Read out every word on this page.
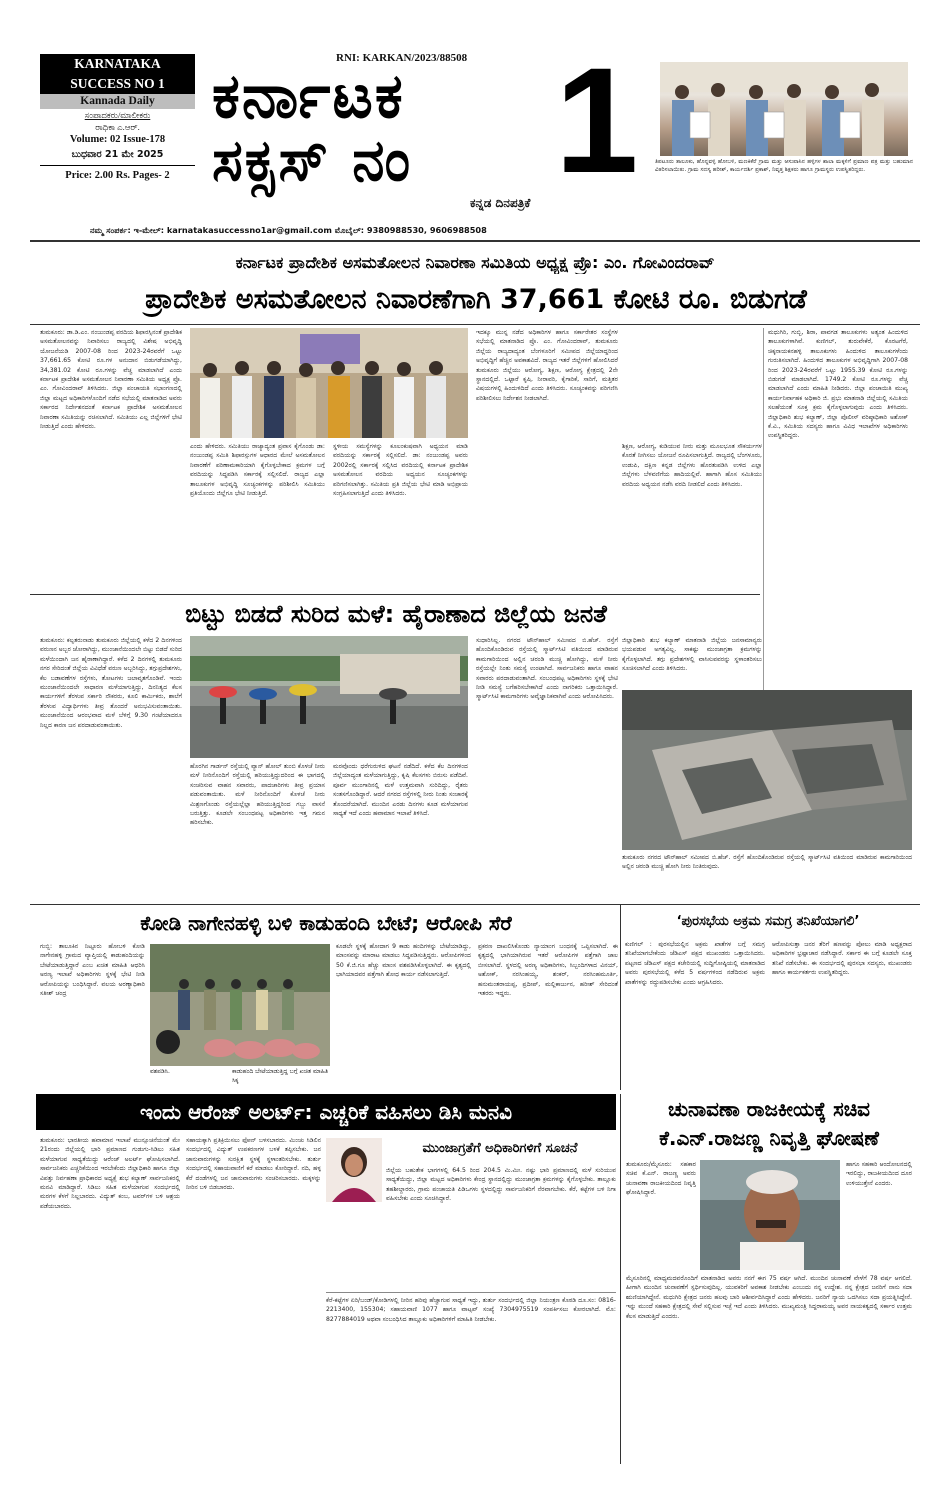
KARNATAKA
SUCCESS NO 1
Kannada Daily
ಸಂಪಾದಕರು/ಮಾಲೀಕರು
ರಾಧಿಕಾ ಎ.ಆರ್.
Volume: 02 Issue-178
ಬುಧವಾರ 21 ಮೇ 2025
Price: 2.00 Rs. Pages- 2
RNI: KARKAN/2023/88508
ಕರ್ನಾಟಕ
ಸಕ್ಸಸ್ ನಂ 1
ಕನ್ನಡ ದಿನಪತ್ರಿಕೆ
ತಿಪಟೂರು ತಾಲೂಕು, ಹೊನ್ನವಳ್ಳಿ ಹೋಬಳಿ, ಮಣಕಿಕೆರೆ ಗ್ರಾಮ ಮತ್ತು ಆಸುಪಾಸಿನ ಹಳ್ಳಿಗಳ ಶಾಲಾ ಮಕ್ಕಳಿಗೆ ಪ್ರಮಾಣ ಪತ್ರ ಮತ್ತು ಬಹುಮಾನ ವಿತರಿಸಲಾಯಿತು. ಗ್ರಾಮ ಸದಸ್ಯ ಹರೀಶ್, ಕಾರ್ಯದರ್ಶಿ ಪ್ರಕಾಶ್, ನಿವೃತ್ತ ಶಿಕ್ಷಕರು ಹಾಗೂ ಗ್ರಾಮಸ್ಥರು ಉಪಸ್ಥಿತರಿದ್ದರು.
ನಮ್ಮ ಸಂಪರ್ಕ: ಇ-ಮೇಲ್: karnatakasuccessno1ar@gmail.com ಮೊಬೈಲ್: 9380988530, 9606988508
ಕರ್ನಾಟಕ ಪ್ರಾದೇಶಿಕ ಅಸಮತೋಲನ ನಿವಾರಣಾ ಸಮಿತಿಯ ಅಧ್ಯಕ್ಷ ಪ್ರೊ: ಎಂ. ಗೋವಿಂದರಾವ್
ಪ್ರಾದೇಶಿಕ ಅಸಮತೋಲನ ನಿವಾರಣೆಗಾಗಿ 37,661 ಕೋಟಿ ರೂ. ಬಿಡುಗಡೆ
ತುಮಕೂರು: ಡಾ.ಡಿ.ಎಂ. ನಂಜುಂಡಪ್ಪ ವರದಿಯ ಶಿಫಾರಸ್ಸಿನಂತೆ ಪ್ರಾದೇಶಿಕ ಅಸಮತೋಲನವನ್ನು ನಿವಾರಿಸಲು ರಾಜ್ಯದಲ್ಲಿ ವಿಶೇಷ ಅಭಿವೃದ್ಧಿ ಯೋಜನೆಯಡಿ 2007-08 ರಿಂದ 2023-24ರವರೆಗೆ ಒಟ್ಟು 37,661.65 ಕೋಟಿ ರೂ.ಗಳ ಅನುದಾನ ಬಿಡುಗಡೆಯಾಗಿದ್ದು, 34,381.02 ಕೋಟಿ ರೂ.ಗಳನ್ನು ವೆಚ್ಚ ಮಾಡಲಾಗಿದೆ ಎಂದು ಕರ್ನಾಟಕ ಪ್ರಾದೇಶಿಕ ಅಸಮತೋಲನ ನಿವಾರಣಾ ಸಮಿತಿಯ ಅಧ್ಯಕ್ಷ ಪ್ರೊ. ಎಂ. ಗೋವಿಂದರಾವ್ ತಿಳಿಸಿದರು. ಜಿಲ್ಲಾ ಪಂಚಾಯತಿ ಸಭಾಂಗಣದಲ್ಲಿ ಜಿಲ್ಲಾ ಮಟ್ಟದ ಅಧಿಕಾರಿಗಳೊಂದಿಗೆ ನಡೆದ ಸಭೆಯಲ್ಲಿ ಮಾತನಾಡಿದ ಅವರು ಸರ್ಕಾರದ ನಿರ್ದೇಶನದಂತೆ ಕರ್ನಾಟಕ ಪ್ರಾದೇಶಿಕ ಅಸಮತೋಲನ ನಿವಾರಣಾ ಸಮಿತಿಯನ್ನು ರಚಿಸಲಾಗಿದೆ. ಸಮಿತಿಯು ಎಲ್ಲ ಜಿಲ್ಲೆಗಳಿಗೆ ಭೇಟಿ ನೀಡುತ್ತಿದೆ ಎಂದು ಹೇಳಿದರು.
ಎಂದು ಹೇಳಿದರು. ಸಮಿತಿಯು ರಾಜ್ಯಾದ್ಯಂತ ಪ್ರವಾಸ ಕೈಗೊಂಡು ಡಾ: ನಂಜುಂಡಪ್ಪ ಸಮಿತಿ ಶಿಫಾರಸ್ಸುಗಳ ಆಧಾರದ ಮೇಲೆ ಅಸಮತೋಲನ ನಿವಾರಣೆಗೆ ಪರಿಣಾಮಕಾರಿಯಾಗಿ ಕೈಗೊಳ್ಳಬೇಕಾದ ಕ್ರಮಗಳ ಬಗ್ಗೆ ವರದಿಯನ್ನು ಸಿದ್ಧಪಡಿಸಿ ಸರ್ಕಾರಕ್ಕೆ ಸಲ್ಲಿಸಲಿದೆ. ರಾಜ್ಯದ ಎಲ್ಲಾ ತಾಲೂಕುಗಳ ಅಭಿವೃದ್ಧಿ ಸೂಚ್ಯಂಕಗಳನ್ನು ಪರಿಶೀಲಿಸಿ ಸಮಿತಿಯು ಪ್ರತಿಯೊಂದು ಜಿಲ್ಲೆಗೂ ಭೇಟಿ ನೀಡುತ್ತಿದೆ.
ಸ್ಥಳೀಯ ಸಮಸ್ಯೆಗಳನ್ನು ಕೂಲಂಕುಷವಾಗಿ ಅಧ್ಯಯನ ಮಾಡಿ ವರದಿಯನ್ನು ಸರ್ಕಾರಕ್ಕೆ ಸಲ್ಲಿಸಲಿದೆ. ಡಾ: ನಂಜುಂಡಪ್ಪ ಅವರು 2002ರಲ್ಲಿ ಸರ್ಕಾರಕ್ಕೆ ಸಲ್ಲಿಸಿದ ವರದಿಯಲ್ಲಿ ಕರ್ನಾಟಕ ಪ್ರಾದೇಶಿಕ ಅಸಮತೋಲನ ವರದಿಯ ಅಧ್ಯಯನ ಸೂಚ್ಯಂಕಗಳನ್ನು ಪರಿಗಣಿಸಲಾಗಿತ್ತು. ಸಮಿತಿಯ ಪ್ರತಿ ಜಿಲ್ಲೆಯ ಭೇಟಿ ಮಾಡಿ ಅಭಿಪ್ರಾಯ ಸಂಗ್ರಹಿಸಲಾಗುತ್ತಿದೆ ಎಂದು ತಿಳಿಸಿದರು.
ಇದಕ್ಕೂ ಮುನ್ನ ನಡೆದ ಅಧಿಕಾರಿಗಳ ಹಾಗೂ ಸರ್ಕಾರೇತರ ಸಂಸ್ಥೆಗಳ ಸಭೆಯಲ್ಲಿ ಮಾತನಾಡಿದ ಪ್ರೊ. ಎಂ. ಗೋವಿಂದರಾವ್, ತುಮಕೂರು ಜಿಲ್ಲೆಯ ರಾಜ್ಯದಾದ್ಯಂತ ಬೆಂಗಳೂರಿಗೆ ಸಮೀಪದ ಜಿಲ್ಲೆಯಾದ್ದರಿಂದ ಅಭಿವೃದ್ಧಿಗೆ ಹೆಚ್ಚಿನ ಅವಕಾಶವಿದೆ. ರಾಜ್ಯದ ಇತರೆ ಜಿಲ್ಲೆಗಳಿಗೆ ಹೋಲಿಸಿದರೆ ತುಮಕೂರು ಜಿಲ್ಲೆಯು ಆರೋಗ್ಯ, ಶಿಕ್ಷಣ, ಆರೋಗ್ಯ ಕ್ಷೇತ್ರದಲ್ಲಿ 2ನೇ ಸ್ಥಾನದಲ್ಲಿದೆ. ಒಟ್ಟಾರೆ ಕೃಷಿ, ನೀರಾವರಿ, ಕೈಗಾರಿಕೆ, ಸಾರಿಗೆ, ಮತ್ತಿತರ ವಿಷಯಗಳಲ್ಲಿ ಹಿಂದುಳಿದಿದೆ ಎಂದು ತಿಳಿಸಿದರು. ಸೂಚ್ಯಂಕವನ್ನು ಪರಿಗಣಿಸಿ ಪರಿಶೀಲಿಸಲು ನಿರ್ದೇಶನ ನೀಡಲಾಗಿದೆ.
ಶಿಕ್ಷಣ, ಆರೋಗ್ಯ, ಕುಡಿಯುವ ನೀರು ಮತ್ತು ಮೂಲಭೂತ ಸೌಕರ್ಯಗಳ ಕೊರತೆ ನೀಗಿಸಲು ಯೋಜನೆ ರೂಪಿಸಲಾಗುತ್ತಿದೆ. ರಾಜ್ಯದಲ್ಲಿ ಬೆಂಗಳೂರು, ಉಡುಪಿ, ದಕ್ಷಿಣ ಕನ್ನಡ ಜಿಲ್ಲೆಗಳು ಹೊರತುಪಡಿಸಿ ಉಳಿದ ಎಲ್ಲಾ ಜಿಲ್ಲೆಗಳು ಬೆಳವಣಿಗೆಯ ಹಾದಿಯಲ್ಲಿವೆ. ಹಾಗಾಗಿ ಹೊಸ ಸಮಿತಿಯು ವರದಿಯ ಅಧ್ಯಯನ ನಡೆಸಿ ವರದಿ ನೀಡಲಿದೆ ಎಂದು ತಿಳಿಸಿದರು.
ಮಧುಗಿರಿ, ಗುಬ್ಬಿ, ಶಿರಾ, ಪಾವಗಡ ತಾಲೂಕುಗಳು ಅತ್ಯಂತ ಹಿಂದುಳಿದ ತಾಲೂಕುಗಳಾಗಿವೆ. ಕುಣಿಗಲ್, ತುರುವೇಕೆರೆ, ಕೊರಟಗೆರೆ, ಚಿಕ್ಕನಾಯಕನಹಳ್ಳಿ ತಾಲೂಕುಗಳು ಹಿಂದುಳಿದ ತಾಲೂಕುಗಳೆಂದು ಗುರುತಿಸಲಾಗಿದೆ. ಹಿಂದುಳಿದ ತಾಲೂಕುಗಳ ಅಭಿವೃದ್ಧಿಗಾಗಿ 2007-08 ರಿಂದ 2023-24ರವರೆಗೆ ಒಟ್ಟು 1955.39 ಕೋಟಿ ರೂ.ಗಳನ್ನು ಬಿಡುಗಡೆ ಮಾಡಲಾಗಿದೆ. 1749.2 ಕೋಟಿ ರೂ.ಗಳನ್ನು ವೆಚ್ಚ ಮಾಡಲಾಗಿದೆ ಎಂದು ಮಾಹಿತಿ ನೀಡಿದರು. ಜಿಲ್ಲಾ ಪಂಚಾಯಿತಿ ಮುಖ್ಯ ಕಾರ್ಯನಿರ್ವಾಹಕ ಅಧಿಕಾರಿ ಜಿ. ಪ್ರಭು ಮಾತನಾಡಿ ಜಿಲ್ಲೆಯಲ್ಲಿ ಸಮಿತಿಯ ಸಲಹೆಯಂತೆ ಸೂಕ್ತ ಕ್ರಮ ಕೈಗೊಳ್ಳಲಾಗುವುದು ಎಂದು ತಿಳಿಸಿದರು. ಜಿಲ್ಲಾಧಿಕಾರಿ ಶುಭ ಕಲ್ಯಾಣ್, ಜಿಲ್ಲಾ ಪೊಲೀಸ್ ವರಿಷ್ಠಾಧಿಕಾರಿ ಅಶೋಕ್ ಕೆ.ವಿ., ಸಮಿತಿಯ ಸದಸ್ಯರು ಹಾಗೂ ವಿವಿಧ ಇಲಾಖೆಗಳ ಅಧಿಕಾರಿಗಳು ಉಪಸ್ಥಿತರಿದ್ದರು.
ಬಿಟ್ಟು ಬಿಡದೆ ಸುರಿದ ಮಳೆ: ಹೈರಾಣಾದ ಜಿಲ್ಲೆಯ ಜನತೆ
ತುಮಕೂರು: ಕಲ್ಪತರುನಾಡು ತುಮಕೂರು ಜಿಲ್ಲೆಯಲ್ಲಿ ಕಳೆದ 2 ದಿನಗಳಿಂದ ವರುಣನ ಅಬ್ಬರ ಜೋರಾಗಿದ್ದು, ಮುಂಜಾನೆಯಿಂದಲೇ ಬಿಟ್ಟು ಬಿಡದೆ ಸುರಿದ ಮಳೆಯಿಂದಾಗಿ ಜನ ಹೈರಾಣಾಗಿದ್ದಾರೆ. ಕಳೆದ 2 ದಿನಗಳಲ್ಲಿ ತುಮಕೂರು ನಗರ ಸೇರಿದಂತೆ ಜಿಲ್ಲೆಯ ವಿವಿಧೆಡೆ ವರುಣ ಅಬ್ಬರಿಸಿದ್ದು, ತಗ್ಗುಪ್ರದೇಶಗಳು, ಕೆಲ ಬಡಾವಣೆಗಳ ರಸ್ತೆಗಳು, ತೋಟಗಳು ಜಲಾವೃತಗೊಂಡಿವೆ. ಇಂದು ಮುಂಜಾನೆಯಿಂದಲೇ ಸಾಧಾರಣ ಮಳೆಯಾಗುತ್ತಿದ್ದು, ದಿನನಿತ್ಯದ ಕೆಲಸ ಕಾರ್ಯಗಳಿಗೆ ತೆರಳುವ ಸರ್ಕಾರಿ ನೌಕರರು, ಕೂಲಿ ಕಾರ್ಮಿಕರು, ಶಾಲೆಗೆ ತೆರಳುವ ವಿದ್ಯಾರ್ಥಿಗಳು ತೀವ್ರ ತೊಂದರೆ ಅನುಭವಿಸುವಂತಾಯಿತು. ಮುಂಜಾನೆಯಿಂದ ಆರಂಭವಾದ ಮಳೆ ಬೆಳಿಗ್ಗೆ 9.30 ಗಂಟೆಯಾದರೂ ನಿಲ್ಲದ ಕಾರಣ ಜನ ಪರದಾಡುವಂತಾಯಿತು.
ಹೊರಗಿನ ಗಾರ್ಡನ್ ರಸ್ತೆಯಲ್ಲಿ ವ್ಯಾನ್ ಹೋಲ್ ತುಂಬಿ ಕೊಳಚೆ ನೀರು ಮಳೆ ನೀರಿನೊಂದಿಗೆ ರಸ್ತೆಯಲ್ಲಿ ಹರಿಯುತ್ತಿದ್ದುದರಿಂದ ಈ ಭಾಗದಲ್ಲಿ ಸಂಚರಿಸುವ ವಾಹನ ಸವಾರರು, ಪಾದಚಾರಿಗಳು ತೀವ್ರ ಪ್ರಯಾಸ ಪಡುವಂತಾಯಿತು. ಮಳೆ ನೀರಿನೊಂದಿಗೆ ಕೊಳಚೆ ನೀರು ಮಿಶ್ರಣಗೊಂಡು ರಸ್ತೆಯಲ್ಲೆಲ್ಲಾ ಹರಿಯುತ್ತಿದ್ದರಿಂದ ಗಬ್ಬು ವಾಸನೆ ಬರುತ್ತಿತ್ತು. ಕೂಡಲೇ ಸಂಬಂಧಪಟ್ಟ ಅಧಿಕಾರಿಗಳು ಇತ್ತ ಗಮನ ಹರಿಸಬೇಕು.
ಮರವೊಂದು ಧರೆಗುರುಳಿದ ಘಟನೆ ನಡೆದಿದೆ. ಕಳೆದ ಕೆಲ ದಿನಗಳಿಂದ ಜಿಲ್ಲೆಯಾದ್ಯಂತ ಮಳೆಯಾಗುತ್ತಿದ್ದು, ಕೃಷಿ ಕೆಲಸಗಳು ಬಿರುಸು ಪಡೆದಿವೆ. ಪೂರ್ವ ಮುಂಗಾರಿನಲ್ಲಿ ಮಳೆ ಉತ್ತಮವಾಗಿ ಸುರಿದಿದ್ದು, ರೈತರು ಸಂತಸಗೊಂಡಿದ್ದಾರೆ. ಆದರೆ ನಗರದ ರಸ್ತೆಗಳಲ್ಲಿ ನೀರು ನಿಂತು ಸಂಚಾರಕ್ಕೆ ತೊಂದರೆಯಾಗಿದೆ. ಮುಂದಿನ ಎರಡು ದಿನಗಳು ಕೂಡ ಮಳೆಯಾಗುವ ಸಾಧ್ಯತೆ ಇದೆ ಎಂದು ಹವಾಮಾನ ಇಲಾಖೆ ತಿಳಿಸಿದೆ.
ಸುಧಾರಿಸಿಲ್ಲ. ನಗರದ ಟೌನ್‍ಹಾಲ್ ಸಮೀಪದ ಬಿ.ಹೆಚ್. ರಸ್ತೆಗೆ ಹೊಂದಿಕೊಂಡಿರುವ ರಸ್ತೆಯಲ್ಲಿ ಸ್ಮಾರ್ಟ್‍ಸಿಟಿ ವತಿಯಿಂದ ಮಾಡಿರುವ ಕಾಮಗಾರಿಯಿಂದ ಅಲ್ಲಿನ ಚರಂಡಿ ಮುಚ್ಚಿ ಹೋಗಿದ್ದು, ಮಳೆ ನೀರು ರಸ್ತೆಯಲ್ಲೇ ನಿಂತು ಸಮಸ್ಯೆ ಉಂಟಾಗಿದೆ. ಸಾರ್ವಜನಿಕರು ಹಾಗೂ ವಾಹನ ಸವಾರರು ಪರದಾಡುವಂತಾಗಿದೆ. ಸಂಬಂಧಪಟ್ಟ ಅಧಿಕಾರಿಗಳು ಸ್ಥಳಕ್ಕೆ ಭೇಟಿ ನೀಡಿ ಸಮಸ್ಯೆ ಬಗೆಹರಿಸಬೇಕಾಗಿದೆ ಎಂದು ನಾಗರಿಕರು ಒತ್ತಾಯಿಸಿದ್ದಾರೆ. ಸ್ಮಾರ್ಟ್‍ಸಿಟಿ ಕಾಮಗಾರಿಗಳು ಅವೈಜ್ಞಾನಿಕವಾಗಿವೆ ಎಂದು ಆರೋಪಿಸಿದರು.
ಜಿಲ್ಲಾಧಿಕಾರಿ ಶುಭ ಕಲ್ಯಾಣ್ ಮಾತನಾಡಿ ಜಿಲ್ಲೆಯ ಜನಸಾಮಾನ್ಯರು ಭಯಪಡುವ ಅಗತ್ಯವಿಲ್ಲ. ಸಾಕಷ್ಟು ಮುಂಜಾಗ್ರತಾ ಕ್ರಮಗಳನ್ನು ಕೈಗೊಳ್ಳಲಾಗಿದೆ. ತಗ್ಗು ಪ್ರದೇಶಗಳಲ್ಲಿ ವಾಸಿಸುವವರನ್ನು ಸ್ಥಳಾಂತರಿಸಲು ಸೂಚಿಸಲಾಗಿದೆ ಎಂದು ತಿಳಿಸಿದರು.
ತುಮಕೂರು ನಗರದ ಟೌನ್‍ಹಾಲ್ ಸಮೀಪದ ಬಿ.ಹೆಚ್. ರಸ್ತೆಗೆ ಹೊಂದಿಕೊಂಡಿರುವ ರಸ್ತೆಯಲ್ಲಿ ಸ್ಮಾರ್ಟ್‍ಸಿಟಿ ವತಿಯಿಂದ ಮಾಡಿರುವ ಕಾಮಗಾರಿಯಿಂದ ಅಲ್ಲಿನ ಚರಂಡಿ ಮುಚ್ಚಿ ಹೋಗಿ ನೀರು ನಿಂತಿರುವುದು.
ಕೋಡಿ ನಾಗೇನಹಳ್ಳಿ ಬಳಿ ಕಾಡುಹಂದಿ ಬೇಟೆ; ಆರೋಪಿ ಸೆರೆ
ಗುಬ್ಬಿ: ತಾಲೂಕಿನ ನಿಟ್ಟೂರು ಹೋಬಳಿ ಕೋಡಿ ನಾಗೇನಹಳ್ಳಿ ಗ್ರಾಮದ ವ್ಯಾಪ್ತಿಯಲ್ಲಿ ಕಾಡುಹಂದಿಯನ್ನು ಬೇಟೆಯಾಡುತ್ತಿದ್ದಾರೆ ಎಂಬ ಖಚಿತ ಮಾಹಿತಿ ಆಧರಿಸಿ ಅರಣ್ಯ ಇಲಾಖೆ ಅಧಿಕಾರಿಗಳು ಸ್ಥಳಕ್ಕೆ ಭೇಟಿ ನೀಡಿ ಆರೋಪಿಯನ್ನು ಬಂಧಿಸಿದ್ದಾರೆ. ವಲಯ ಅರಣ್ಯಾಧಿಕಾರಿ ಸತೀಶ್ ಚಂದ್ರ
ವಶಪಡಿಸಿ.	ಕಾಡುಹಂದಿ ಬೇಟೆಯಾಡುತ್ತಿದ್ದ ಬಗ್ಗೆ ಖಚಿತ ಮಾಹಿತಿ ಸಿಕ್ಕ
ಕೂಡಲೇ ಸ್ಥಳಕ್ಕೆ ಹೋದಾಗ 9 ಕಾಡು ಹಂದಿಗಳನ್ನು ಬೇಟೆಯಾಡಿದ್ದು, ಮಾಂಸವನ್ನು ಮಾರಾಟ ಮಾಡಲು ಸಿದ್ಧಪಡಿಸುತ್ತಿದ್ದರು. ಆರೋಪಿಗಳಿಂದ 50 ಕೆ.ಜಿ.ಗೂ ಹೆಚ್ಚು ಮಾಂಸ ವಶಪಡಿಸಿಕೊಳ್ಳಲಾಗಿದೆ. ಈ ಕೃತ್ಯದಲ್ಲಿ ಭಾಗಿಯಾದವರ ಪತ್ತೆಗಾಗಿ ಶೋಧ ಕಾರ್ಯ ನಡೆಸಲಾಗುತ್ತಿದೆ.
ಪ್ರಕರಣ ದಾಖಲಿಸಿಕೊಂಡು ನ್ಯಾಯಾಂಗ ಬಂಧನಕ್ಕೆ ಒಪ್ಪಿಸಲಾಗಿದೆ. ಈ ಕೃತ್ಯದಲ್ಲಿ ಭಾಗಿಯಾಗಿರುವ ಇತರೆ ಆರೋಪಿಗಳ ಪತ್ತೆಗಾಗಿ ಜಾಲ ಬೀಸಲಾಗಿದೆ. ಸ್ಥಳದಲ್ಲಿ ಅರಣ್ಯ ಅಧಿಕಾರಿಗಳು, ಸಿಬ್ಬಂದಿಗಳಾದ ವಿನಯ್, ಅಶೋಕ್, ನರಸಿಂಹಯ್ಯ, ಶಂಕರ್, ನರಸಿಂಹಮೂರ್ತಿ, ಹನುಮಂತರಾಯಪ್ಪ, ಪ್ರದೀಪ್, ಮಲ್ಲಿಕಾರ್ಜುನ, ಹರೀಶ್ ಸೇರಿದಂತೆ ಇತರರು ಇದ್ದರು.
‘ಪುರಸಭೆಯ ಅಕ್ರಮ ಸಮಗ್ರ ತನಿಖೆಯಾಗಲಿ’
ಕುಣಿಗಲ್ : ಪುರಸಭೆಯಲ್ಲಿನ ಅಕ್ರಮ ಖಾತೆಗಳ ಬಗ್ಗೆ ಸಮಗ್ರ ತನಿಖೆಯಾಗಬೇಕೆಂದು ಜೆಡಿಎಸ್ ಪಕ್ಷದ ಮುಖಂಡರು ಒತ್ತಾಯಿಸಿದರು. ಪಟ್ಟಣದ ಜೆಡಿಎಸ್ ಪಕ್ಷದ ಕಚೇರಿಯಲ್ಲಿ ಸುದ್ದಿಗೋಷ್ಠಿಯಲ್ಲಿ ಮಾತನಾಡಿದ ಅವರು ಪುರಸಭೆಯಲ್ಲಿ ಕಳೆದ 5 ವರ್ಷಗಳಿಂದ ನಡೆದಿರುವ ಅಕ್ರಮ ಖಾತೆಗಳನ್ನು ರದ್ದುಪಡಿಸಬೇಕು ಎಂದು ಆಗ್ರಹಿಸಿದರು.
ಆರೋಪಿಸುತ್ತಾ ಜನರ ತೆರಿಗೆ ಹಣವನ್ನು ಪೋಲು ಮಾಡಿ ಅಧ್ಯಕ್ಷರಾದ ಅಧಿಕಾರಿಗಳ ಭ್ರಷ್ಟಾಚಾರ ನಡೆಸಿದ್ದಾರೆ. ಸರ್ಕಾರ ಈ ಬಗ್ಗೆ ಕೂಡಲೇ ಸೂಕ್ತ ತನಿಖೆ ನಡೆಸಬೇಕು. ಈ ಸಂದರ್ಭದಲ್ಲಿ ಪುರಸಭಾ ಸದಸ್ಯರು, ಮುಖಂಡರು ಹಾಗೂ ಕಾರ್ಯಕರ್ತರು ಉಪಸ್ಥಿತರಿದ್ದರು.
ಇಂದು ಆರೆಂಜ್ ಅಲರ್ಟ್: ಎಚ್ಚರಿಕೆ ವಹಿಸಲು ಡಿಸಿ ಮನವಿ
ತುಮಕೂರು: ಭಾರತೀಯ ಹವಾಮಾನ ಇಲಾಖೆ ಮುನ್ಸೂಚನೆಯಂತೆ ಮೇ 21ರಂದು ಜಿಲ್ಲೆಯಲ್ಲಿ ಭಾರಿ ಪ್ರಮಾಣದ ಗುಡುಗು-ಸಿಡಿಲು ಸಹಿತ ಮಳೆಯಾಗುವ ಸಾಧ್ಯತೆಯಿದ್ದು ಆರೆಂಜ್ ಅಲರ್ಟ್ ಘೋಷಿಸಲಾಗಿದೆ. ಸಾರ್ವಜನಿಕರು ಎಚ್ಚರಿಕೆಯಿಂದ ಇರಬೇಕೆಂದು ಜಿಲ್ಲಾಧಿಕಾರಿ ಹಾಗೂ ಜಿಲ್ಲಾ ವಿಪತ್ತು ನಿರ್ವಹಣಾ ಪ್ರಾಧಿಕಾರದ ಅಧ್ಯಕ್ಷೆ ಶುಭ ಕಲ್ಯಾಣ್ ಸಾರ್ವಜನಿಕರಲ್ಲಿ ಮನವಿ ಮಾಡಿದ್ದಾರೆ. ಸಿಡಿಲು ಸಹಿತ ಮಳೆಯಾಗುವ ಸಂದರ್ಭದಲ್ಲಿ ಮರಗಳ ಕೆಳಗೆ ನಿಲ್ಲಬಾರದು. ವಿದ್ಯುತ್ ಕಂಬ, ಟವರ್‌ಗಳ ಬಳಿ ಆಶ್ರಯ ಪಡೆಯಬಾರದು.
ಸಹಾಯಕ್ಕಾಗಿ ಪ್ರತಿಕ್ರಿಯಿಸಲು ಫೋನ್ ಬಳಸಬಾರದು. ಮಿಂಚು ಸಿಡಿಲಿನ ಸಂದರ್ಭದಲ್ಲಿ ವಿದ್ಯುತ್ ಉಪಕರಣಗಳ ಬಳಕೆ ತಪ್ಪಿಸಬೇಕು. ಜನ ಜಾನುವಾರುಗಳನ್ನು ಸುರಕ್ಷಿತ ಸ್ಥಳಕ್ಕೆ ಸ್ಥಳಾಂತರಿಸಬೇಕು. ತುರ್ತು ಸಂದರ್ಭದಲ್ಲಿ ಸಹಾಯವಾಣಿಗೆ ಕರೆ ಮಾಡಲು ಕೋರಿದ್ದಾರೆ. ನದಿ, ಹಳ್ಳ ಕೆರೆ ದಂಡೆಗಳಲ್ಲಿ ಜನ ಜಾನುವಾರುಗಳು ಸಂಚರಿಸಬಾರದು. ಮಕ್ಕಳನ್ನು ನೀರಿನ ಬಳಿ ಬಿಡಬಾರದು.
ಮುಂಜಾಗ್ರತೆಗೆ ಅಧಿಕಾರಿಗಳಿಗೆ ಸೂಚನೆ
ಜಿಲ್ಲೆಯ ಬಹುತೇಕ ಭಾಗಗಳಲ್ಲಿ 64.5 ರಿಂದ 204.5 ಮಿ.ಮೀ. ನಷ್ಟು ಭಾರಿ ಪ್ರಮಾಣದಲ್ಲಿ ಮಳೆ ಸುರಿಯುವ ಸಾಧ್ಯತೆಯಿದ್ದು, ಜಿಲ್ಲಾ ಮಟ್ಟದ ಅಧಿಕಾರಿಗಳು ಕೇಂದ್ರ ಸ್ಥಾನದಲ್ಲಿದ್ದು ಮುಂಜಾಗ್ರತಾ ಕ್ರಮಗಳನ್ನು ಕೈಗೊಳ್ಳಬೇಕು. ತಾಲ್ಲೂಕು ತಹಶೀಲ್ದಾರರು, ಗ್ರಾಮ ಪಂಚಾಯತಿ ಪಿಡಿಒಗಳು ಸ್ಥಳದಲ್ಲಿದ್ದು ಸಾರ್ವಜನಿಕರಿಗೆ ನೆರವಾಗಬೇಕು. ಕೆರೆ, ಕಟ್ಟೆಗಳ ಬಳಿ ನಿಗಾ ವಹಿಸಬೇಕು ಎಂದು ಸೂಚಿಸಿದ್ದಾರೆ.
ಕೆರೆ-ಕಟ್ಟೆಗಳ ಏರಿ/ಬಂಡ್/ಕೋಡಿಗಳಲ್ಲಿ ನೀರಿನ ಹರಿವು ಹೆಚ್ಚಾಗುವ ಸಾಧ್ಯತೆ ಇದ್ದು, ತುರ್ತು ಸಂದರ್ಭದಲ್ಲಿ ಜಿಲ್ಲಾ ನಿಯಂತ್ರಣ ಕೊಠಡಿ ದೂ.ಸಂ: 0816-2213400, 155304; ಸಹಾಯವಾಣಿ 1077 ಹಾಗೂ ವಾಟ್ಸಪ್ ಸಂಖ್ಯೆ 7304975519 ಸಂಪರ್ಕಿಸಲು ಕೋರಲಾಗಿದೆ. ಮೊ: 8277884019 ಅಥವಾ ಸಂಬಂಧಿಸಿದ ತಾಲ್ಲೂಕು ಅಧಿಕಾರಿಗಳಿಗೆ ಮಾಹಿತಿ ನೀಡಬೇಕು.
ಚುನಾವಣಾ ರಾಜಕೀಯಕ್ಕೆ ಸಚಿವ
ಕೆ.ಎನ್.ರಾಜಣ್ಣ ನಿವೃತ್ತಿ ಘೋಷಣೆ
ತುಮಕೂರು/ಮೈಸೂರು: ಸಹಕಾರ ಸಚಿವ ಕೆ.ಎನ್. ರಾಜಣ್ಣ ಅವರು ಚುನಾವಣಾ ರಾಜಕೀಯದಿಂದ ನಿವೃತ್ತಿ ಘೋಷಿಸಿದ್ದಾರೆ.
ಹಾಗೂ ಸಹಕಾರಿ ಆಂದೋಲನದಲ್ಲಿ ಇರಲಿದ್ದು, ರಾಜಕೀಯದಿಂದ ದೂರ ಉಳಿಯುತ್ತೇನೆ ಎಂದರು.
ಮೈಸೂರಿನಲ್ಲಿ ಮಾಧ್ಯಮದವರೊಂದಿಗೆ ಮಾತನಾಡಿದ ಅವರು ನನಗೆ ಈಗ 75 ವರ್ಷ ಆಗಿದೆ. ಮುಂದಿನ ಚುನಾವಣೆ ವೇಳೆಗೆ 78 ವರ್ಷ ಆಗಲಿದೆ. ಹೀಗಾಗಿ ಮುಂದಿನ ಚುನಾವಣೆಗೆ ಸ್ಪರ್ಧಿಸುವುದಿಲ್ಲ. ಯುವಕರಿಗೆ ಅವಕಾಶ ನೀಡಬೇಕು ಎಂಬುದು ನನ್ನ ಉದ್ದೇಶ. ನನ್ನ ಕ್ಷೇತ್ರದ ಜನರಿಗೆ ನಾನು ಸದಾ ಋಣಿಯಾಗಿದ್ದೇನೆ. ಮಧುಗಿರಿ ಕ್ಷೇತ್ರದ ಜನರು ಹಲವು ಬಾರಿ ಆಶೀರ್ವದಿಸಿದ್ದಾರೆ ಎಂದು ಹೇಳಿದರು. ಜನರಿಗೆ ನ್ಯಾಯ ಒದಗಿಸಲು ಸದಾ ಪ್ರಯತ್ನಿಸಿದ್ದೇನೆ. ಇನ್ನು ಮುಂದೆ ಸಹಕಾರಿ ಕ್ಷೇತ್ರದಲ್ಲಿ ಸೇವೆ ಸಲ್ಲಿಸುವ ಇಚ್ಛೆ ಇದೆ ಎಂದು ತಿಳಿಸಿದರು. ಮುಖ್ಯಮಂತ್ರಿ ಸಿದ್ದರಾಮಯ್ಯ ಅವರ ನಾಯಕತ್ವದಲ್ಲಿ ಸರ್ಕಾರ ಉತ್ತಮ ಕೆಲಸ ಮಾಡುತ್ತಿದೆ ಎಂದರು.
